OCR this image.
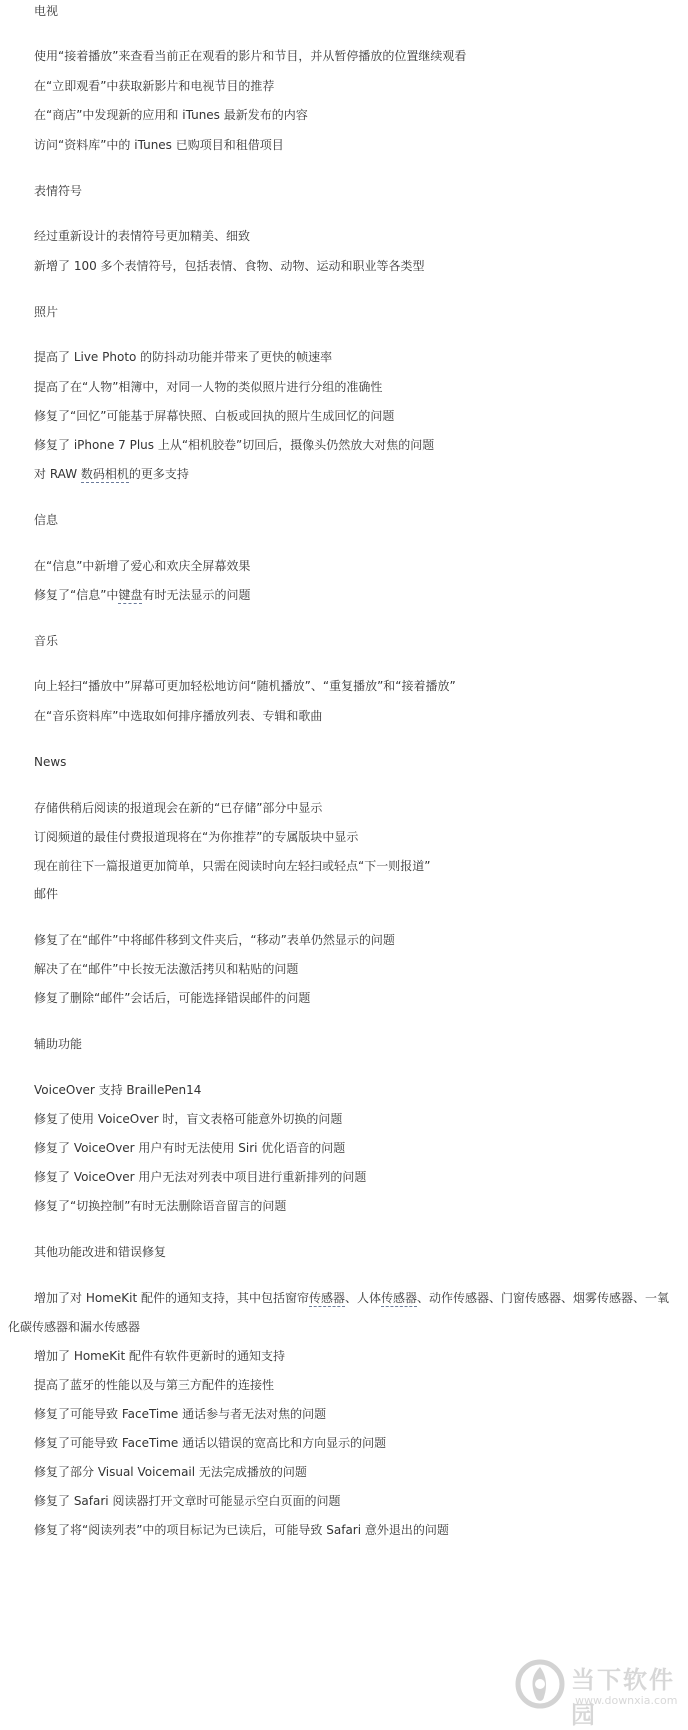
电视
使用“接着播放”来查看当前正在观看的影片和节目，并从暂停播放的位置继续观看
在“立即观看”中获取新影片和电视节目的推荐
在“商店”中发现新的应用和 iTunes 最新发布的内容
访问“资料库”中的 iTunes 已购项目和租借项目
表情符号
经过重新设计的表情符号更加精美、细致
新增了 100 多个表情符号，包括表情、食物、动物、运动和职业等各类型
照片
提高了 Live Photo 的防抖动功能并带来了更快的帧速率
提高了在“人物”相簿中，对同一人物的类似照片进行分组的准确性
修复了“回忆”可能基于屏幕快照、白板或回执的照片生成回忆的问题
修复了 iPhone 7 Plus 上从“相机胶卷”切回后，摄像头仍然放大对焦的问题
对 RAW 数码相机的更多支持
信息
在“信息”中新增了爱心和欢庆全屏幕效果
修复了“信息”中键盘有时无法显示的问题
音乐
向上轻扫“播放中”屏幕可更加轻松地访问“随机播放”、“重复播放”和“接着播放”
在“音乐资料库”中选取如何排序播放列表、专辑和歌曲
News
存储供稍后阅读的报道现会在新的“已存储”部分中显示
订阅频道的最佳付费报道现将在“为你推荐”的专属版块中显示
现在前往下一篇报道更加简单，只需在阅读时向左轻扫或轻点“下一则报道”
邮件
修复了在“邮件”中将邮件移到文件夹后，“移动”表单仍然显示的问题
解决了在“邮件”中长按无法激活拷贝和粘贴的问题
修复了删除“邮件”会话后，可能选择错误邮件的问题
辅助功能
VoiceOver 支持 BraillePen14
修复了使用 VoiceOver 时，盲文表格可能意外切换的问题
修复了 VoiceOver 用户有时无法使用 Siri 优化语音的问题
修复了 VoiceOver 用户无法对列表中项目进行重新排列的问题
修复了“切换控制”有时无法删除语音留言的问题
其他功能改进和错误修复
增加了对 HomeKit 配件的通知支持，其中包括窗帘传感器、人体传感器、动作传感器、门窗传感器、烟雾传感器、一氧
化碳传感器和漏水传感器
增加了 HomeKit 配件有软件更新时的通知支持
提高了蓝牙的性能以及与第三方配件的连接性
修复了可能导致 FaceTime 通话参与者无法对焦的问题
修复了可能导致 FaceTime 通话以错误的宽高比和方向显示的问题
修复了部分 Visual Voicemail 无法完成播放的问题
修复了 Safari 阅读器打开文章时可能显示空白页面的问题
修复了将“阅读列表”中的项目标记为已读后，可能导致 Safari 意外退出的问题
当下软件园
www.downxia.com
